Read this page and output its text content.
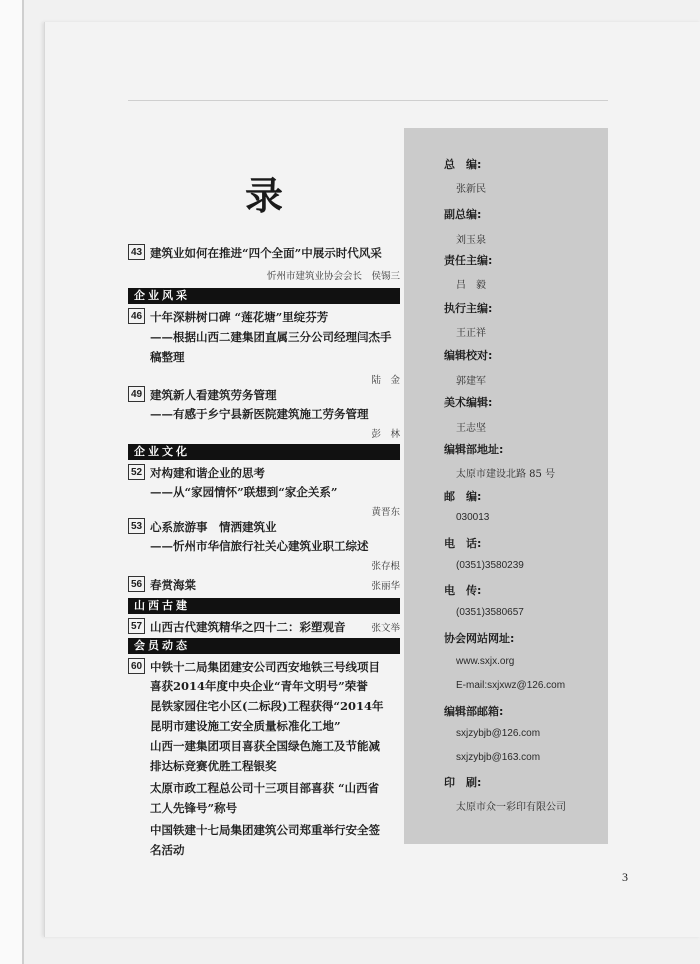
录
43 建筑业如何在推进“四个全面”中展示时代风采
忻州市建筑业协会会长　侯锡三
企业风采
46 十年深耕树口碑 “莲花塘”里绽芬芳
——根据山西二建集团直属三分公司经理闫杰手
稿整理
陆　金
49 建筑新人看建筑劳务管理
——有感于乡宁县新医院建筑施工劳务管理
彭　林
企业文化
52 对构建和谐企业的思考
——从“家园情怀”联想到“家企关系”
黄晋东
53 心系旅游事　情洒建筑业
——忻州市华信旅行社关心建筑业职工综述
张存根
56 春赏海棠	张丽华
山西古建
57 山西古代建筑精华之四十二：彩塑观音	张文举
会员动态
60 中铁十二局集团建安公司西安地铁三号线项目
喜获2014年度中央企业“青年文明号”荣誉
昆铁家园住宅小区(二标段)工程获得“2014年
昆明市建设施工安全质量标准化工地”
山西一建集团项目喜获全国绿色施工及节能减
排达标竞赛优胜工程银奖
太原市政工程总公司十三项目部喜获 “山西省
工人先锋号”称号
中国铁建十七局集团建筑公司郑重举行安全签
名活动
总　编:
张新民
副总编:
刘玉泉
责任主编:
吕　毅
执行主编:
王正祥
编辑校对:
郭建军
美术编辑:
王志坚
编辑部地址:
太原市建设北路 85 号
邮　编:
030013
电　话:
(0351)3580239
电　传:
(0351)3580657
协会网站网址:
www.sxjx.org
E-mail:sxjxwz@126.com
编辑部邮箱:
sxjzybjb@126.com
sxjzybjb@163.com
印　刷:
太原市众一彩印有限公司
3
